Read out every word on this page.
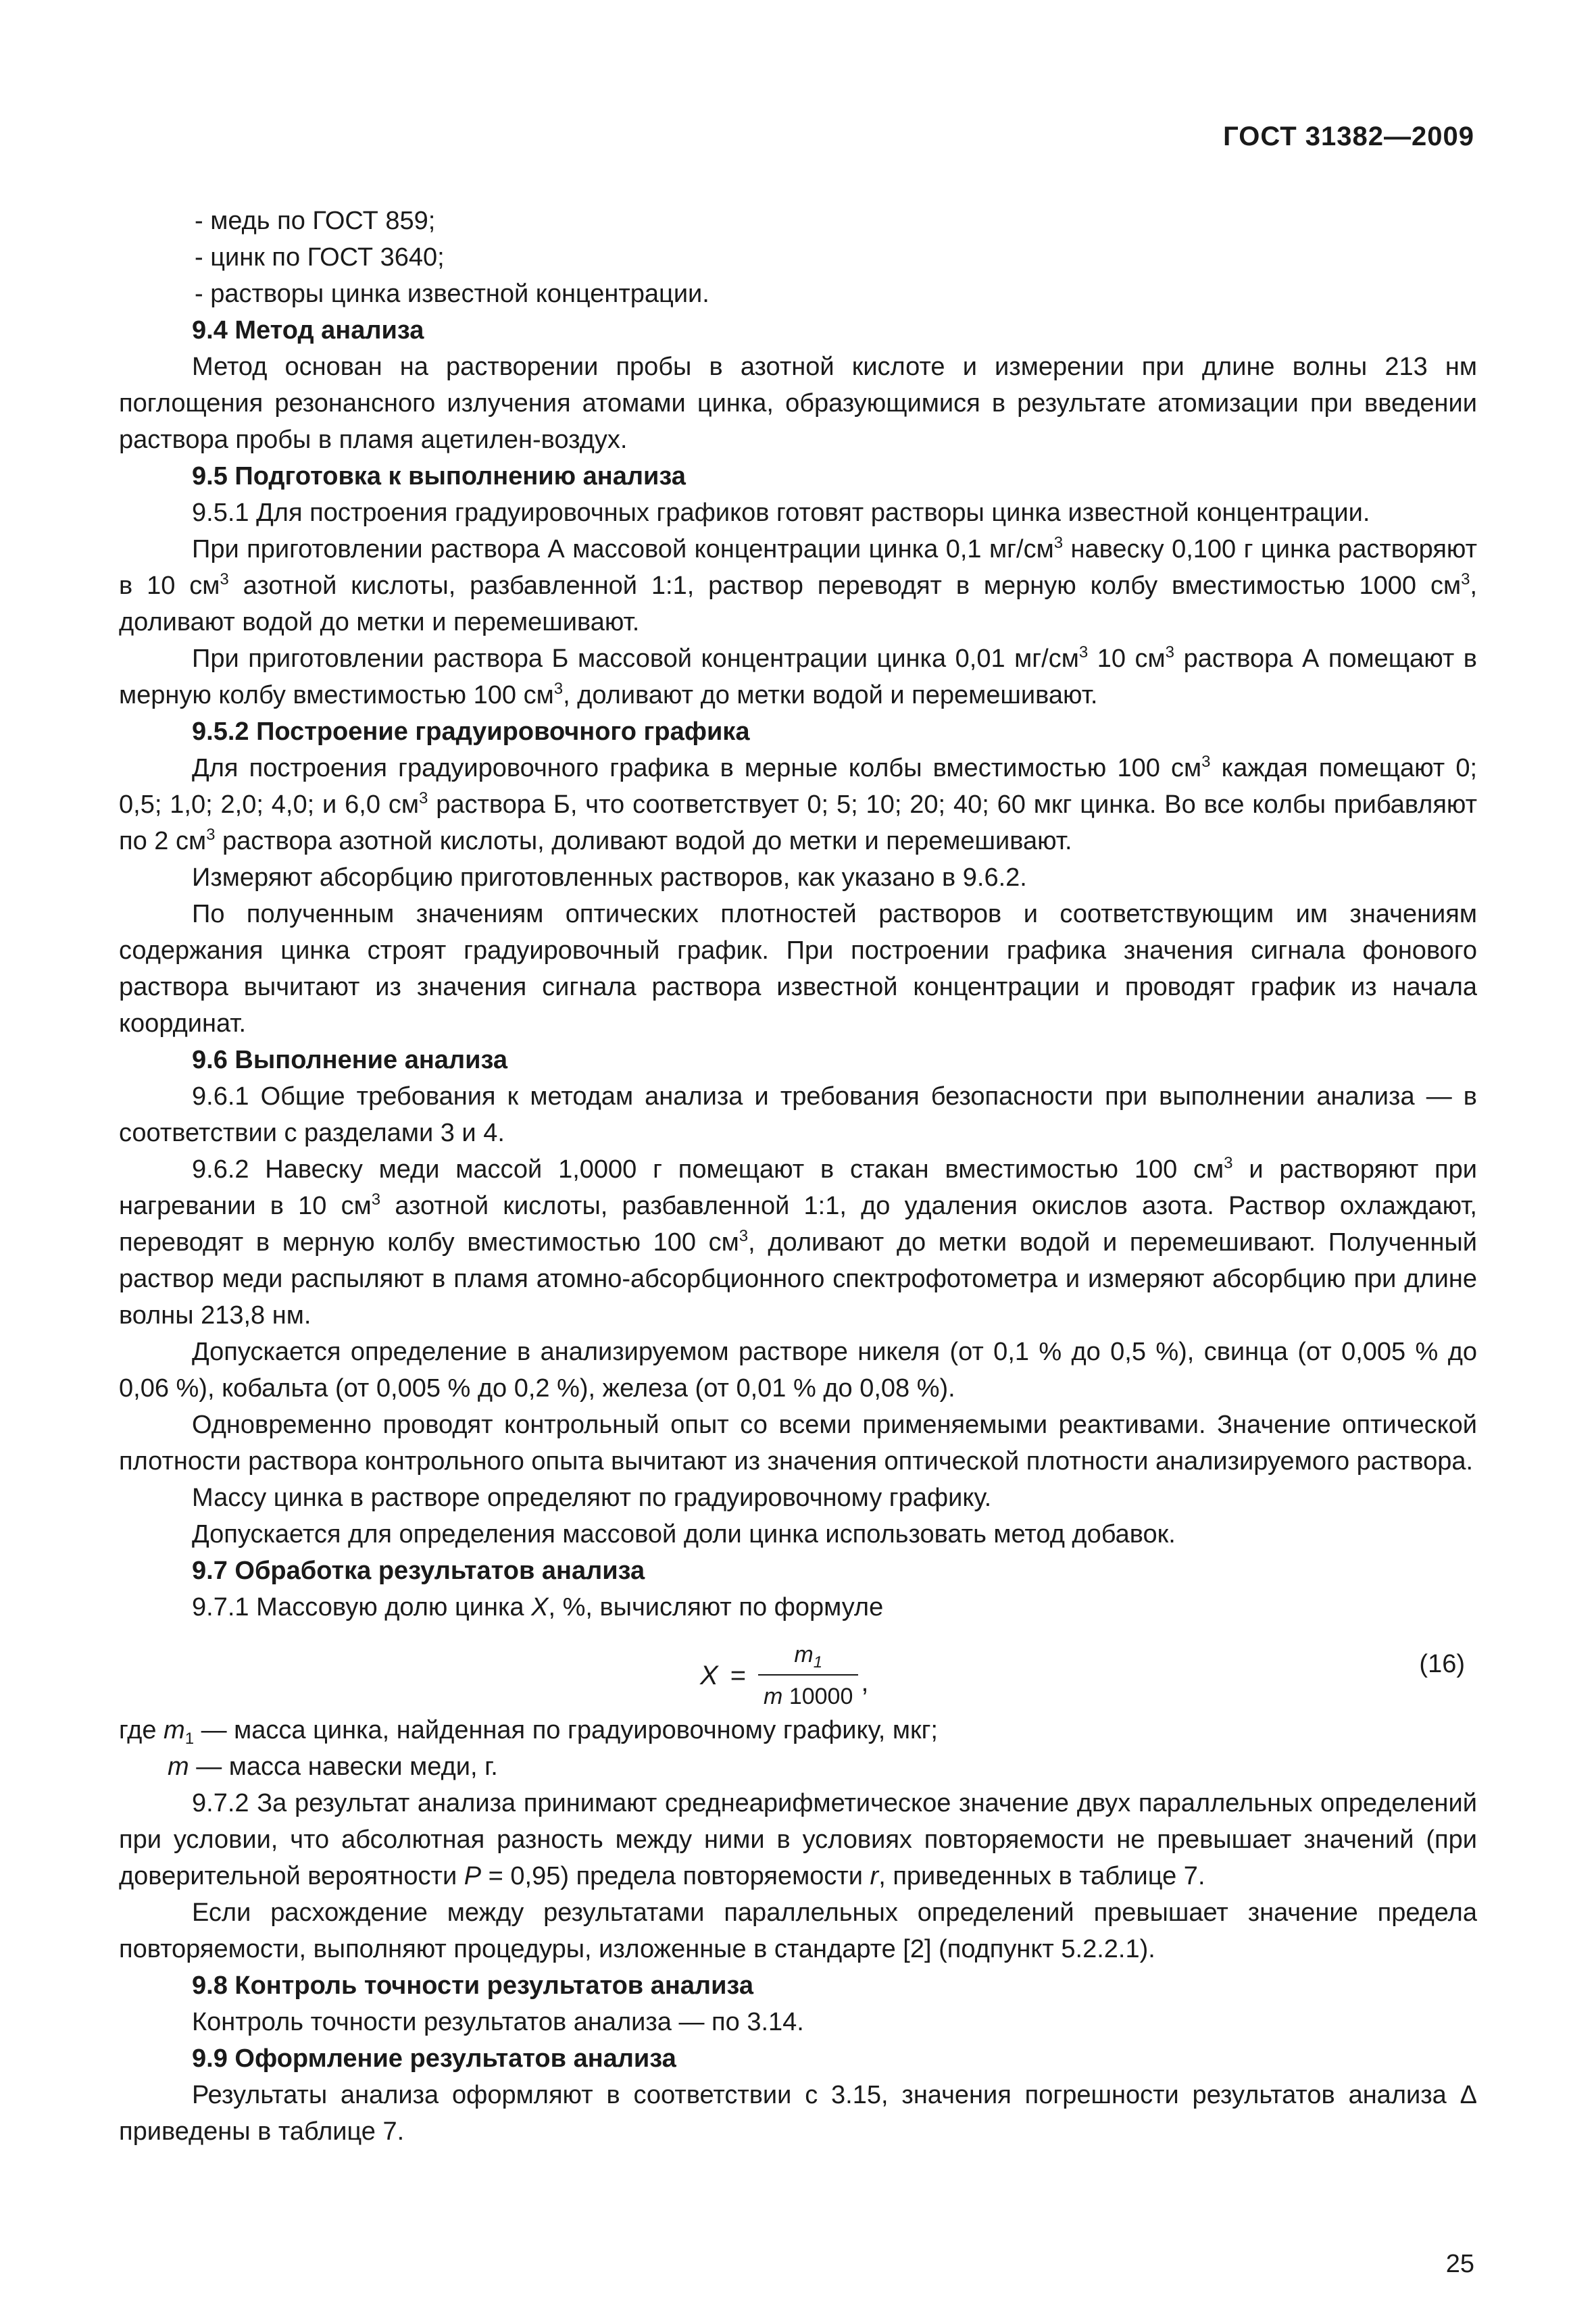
ГОСТ 31382—2009

- медь по ГОСТ 859;

- цинк по ГОСТ 3640;

- растворы цинка известной концентрации.

9.4 Метод анализа

Метод основан на растворении пробы в азотной кислоте и измерении при длине волны 213 нм поглощения резонансного излучения атомами цинка, образующимися в результате атомизации при введении раствора пробы в пламя ацетилен-воздух.

9.5 Подготовка к выполнению анализа

9.5.1 Для построения градуировочных графиков готовят растворы цинка известной концентрации.

При приготовлении раствора А массовой концентрации цинка 0,1 $мг/см^3$ навеску 0,100 г цинка растворяют в 10 $см^3$ азотной кислоты, разбавленной 1:1, раствор переводят в мерную колбу вместимостью 1000 $см^3$, доливают водой до метки и перемешивают.

При приготовлении раствора Б массовой концентрации цинка 0,01 $мг/см^3$ 10 $см^3$ раствора А помещают в мерную колбу вместимостью 100 $см^3$, доливают до метки водой и перемешивают.

9.5.2 Построение градуировочного графика

Для построения градуировочного графика в мерные колбы вместимостью 100 $см^3$ каждая помещают 0; 0,5; 1,0; 2,0; 4,0; и 6,0 $см^3$ раствора Б, что соответствует 0; 5; 10; 20; 40; 60 мкг цинка. Во все колбы прибавляют по 2 $см^3$ раствора азотной кислоты, доливают водой до метки и перемешивают.

Измеряют абсорбцию приготовленных растворов, как указано в 9.6.2.

По полученным значениям оптических плотностей растворов и соответствующим им значениям содержания цинка строят градуировочный график. При построении графика значения сигнала фонового раствора вычитают из значения сигнала раствора известной концентрации и проводят график из начала координат.

9.6 Выполнение анализа

9.6.1 Общие требования к методам анализа и требования безопасности при выполнении анализа — в соответствии с разделами 3 и 4.

9.6.2 Навеску меди массой 1,0000 г помещают в стакан вместимостью 100 $см^3$ и растворяют при нагревании в 10 $см^3$ азотной кислоты, разбавленной 1:1, до удаления окислов азота. Раствор охлаждают, переводят в мерную колбу вместимостью 100 $см^3$, доливают до метки водой и перемешивают. Полученный раствор меди распыляют в пламя атомно-абсорбционного спектрофотометра и измеряют абсорбцию при длине волны 213,8 нм.

Допускается определение в анализируемом растворе никеля (от 0,1 % до 0,5 %), свинца (от 0,005 % до 0,06 %), кобальта (от 0,005 % до 0,2 %), железа (от 0,01 % до 0,08 %).

Одновременно проводят контрольный опыт со всеми применяемыми реактивами. Значение оптической плотности раствора контрольного опыта вычитают из значения оптической плотности анализируемого раствора.

Массу цинка в растворе определяют по градуировочному графику.

Допускается для определения массовой доли цинка использовать метод добавок.

9.7 Обработка результатов анализа

9.7.1 Массовую долю цинка X, %, вычисляют по формуле

$X = \frac{m_1}{m 10000}$ ,
(16)

где $m_1$ — масса цинка, найденная по градуировочному графику, мкг;

m — масса навески меди, г.

9.7.2 За результат анализа принимают среднеарифметическое значение двух параллельных определений при условии, что абсолютная разность между ними в условиях повторяемости не превышает значений (при доверительной вероятности P = 0,95) предела повторяемости r, приведенных в таблице 7.

Если расхождение между результатами параллельных определений превышает значение предела повторяемости, выполняют процедуры, изложенные в стандарте [2] (подпункт 5.2.2.1).

9.8 Контроль точности результатов анализа

Контроль точности результатов анализа — по 3.14.

9.9 Оформление результатов анализа

Результаты анализа оформляют в соответствии с 3.15, значения погрешности результатов анализа Δ приведены в таблице 7.

25
